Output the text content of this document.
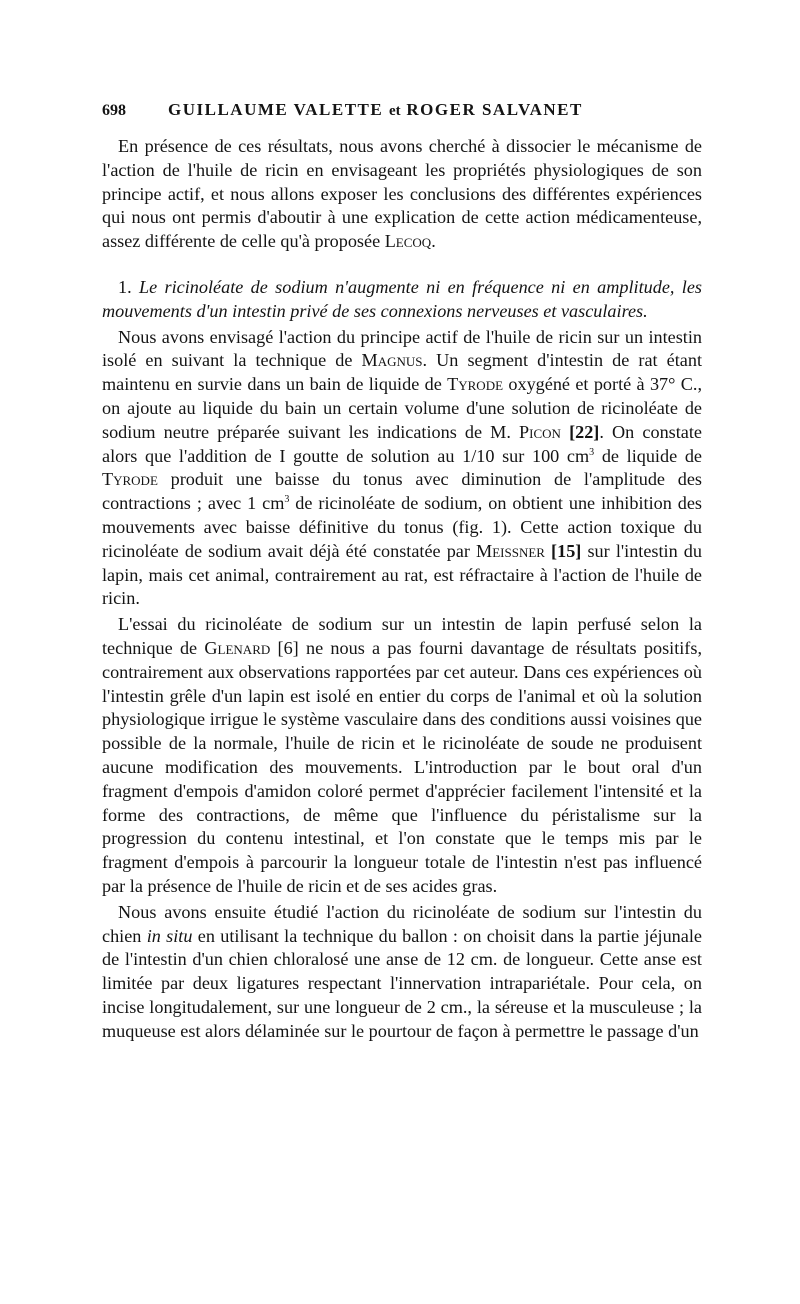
698	GUILLAUME VALETTE et ROGER SALVANET

En présence de ces résultats, nous avons cherché à dissocier le mécanisme de l'action de l'huile de ricin en envisageant les propriétés physiologiques de son principe actif, et nous allons exposer les conclusions des différentes expériences qui nous ont permis d'aboutir à une explication de cette action médicamenteuse, assez différente de celle qu'à proposée Lecoq.

1. Le ricinoléate de sodium n'augmente ni en fréquence ni en amplitude, les mouvements d'un intestin privé de ses connexions nerveuses et vasculaires.

Nous avons envisagé l'action du principe actif de l'huile de ricin sur un intestin isolé en suivant la technique de Magnus. Un segment d'intestin de rat étant maintenu en survie dans un bain de liquide de Tyrode oxygéné et porté à 37° C., on ajoute au liquide du bain un certain volume d'une solution de ricinoléate de sodium neutre préparée suivant les indications de M. Picon [22]. On constate alors que l'addition de I goutte de solution au 1/10 sur 100 $cm^3$ de liquide de Tyrode produit une baisse du tonus avec diminution de l'amplitude des contractions ; avec 1 $cm^3$ de ricinoléate de sodium, on obtient une inhibition des mouvements avec baisse définitive du tonus (fig. 1). Cette action toxique du ricinoléate de sodium avait déjà été constatée par Meissner [15] sur l'intestin du lapin, mais cet animal, contrairement au rat, est réfractaire à l'action de l'huile de ricin.

L'essai du ricinoléate de sodium sur un intestin de lapin perfusé selon la technique de Glenard [6] ne nous a pas fourni davantage de résultats positifs, contrairement aux observations rapportées par cet auteur. Dans ces expériences où l'intestin grêle d'un lapin est isolé en entier du corps de l'animal et où la solution physiologique irrigue le système vasculaire dans des conditions aussi voisines que possible de la normale, l'huile de ricin et le ricinoléate de soude ne produisent aucune modification des mouvements. L'introduction par le bout oral d'un fragment d'empois d'amidon coloré permet d'apprécier facilement l'intensité et la forme des contractions, de même que l'influence du péristalisme sur la progression du contenu intestinal, et l'on constate que le temps mis par le fragment d'empois à parcourir la longueur totale de l'intestin n'est pas influencé par la présence de l'huile de ricin et de ses acides gras.

Nous avons ensuite étudié l'action du ricinoléate de sodium sur l'intestin du chien in situ en utilisant la technique du ballon : on choisit dans la partie jéjunale de l'intestin d'un chien chloralosé une anse de 12 cm. de longueur. Cette anse est limitée par deux ligatures respectant l'innervation intrapariétale. Pour cela, on incise longitudalement, sur une longueur de 2 cm., la séreuse et la musculeuse ; la muqueuse est alors délaminée sur le pourtour de façon à permettre le passage d'un
